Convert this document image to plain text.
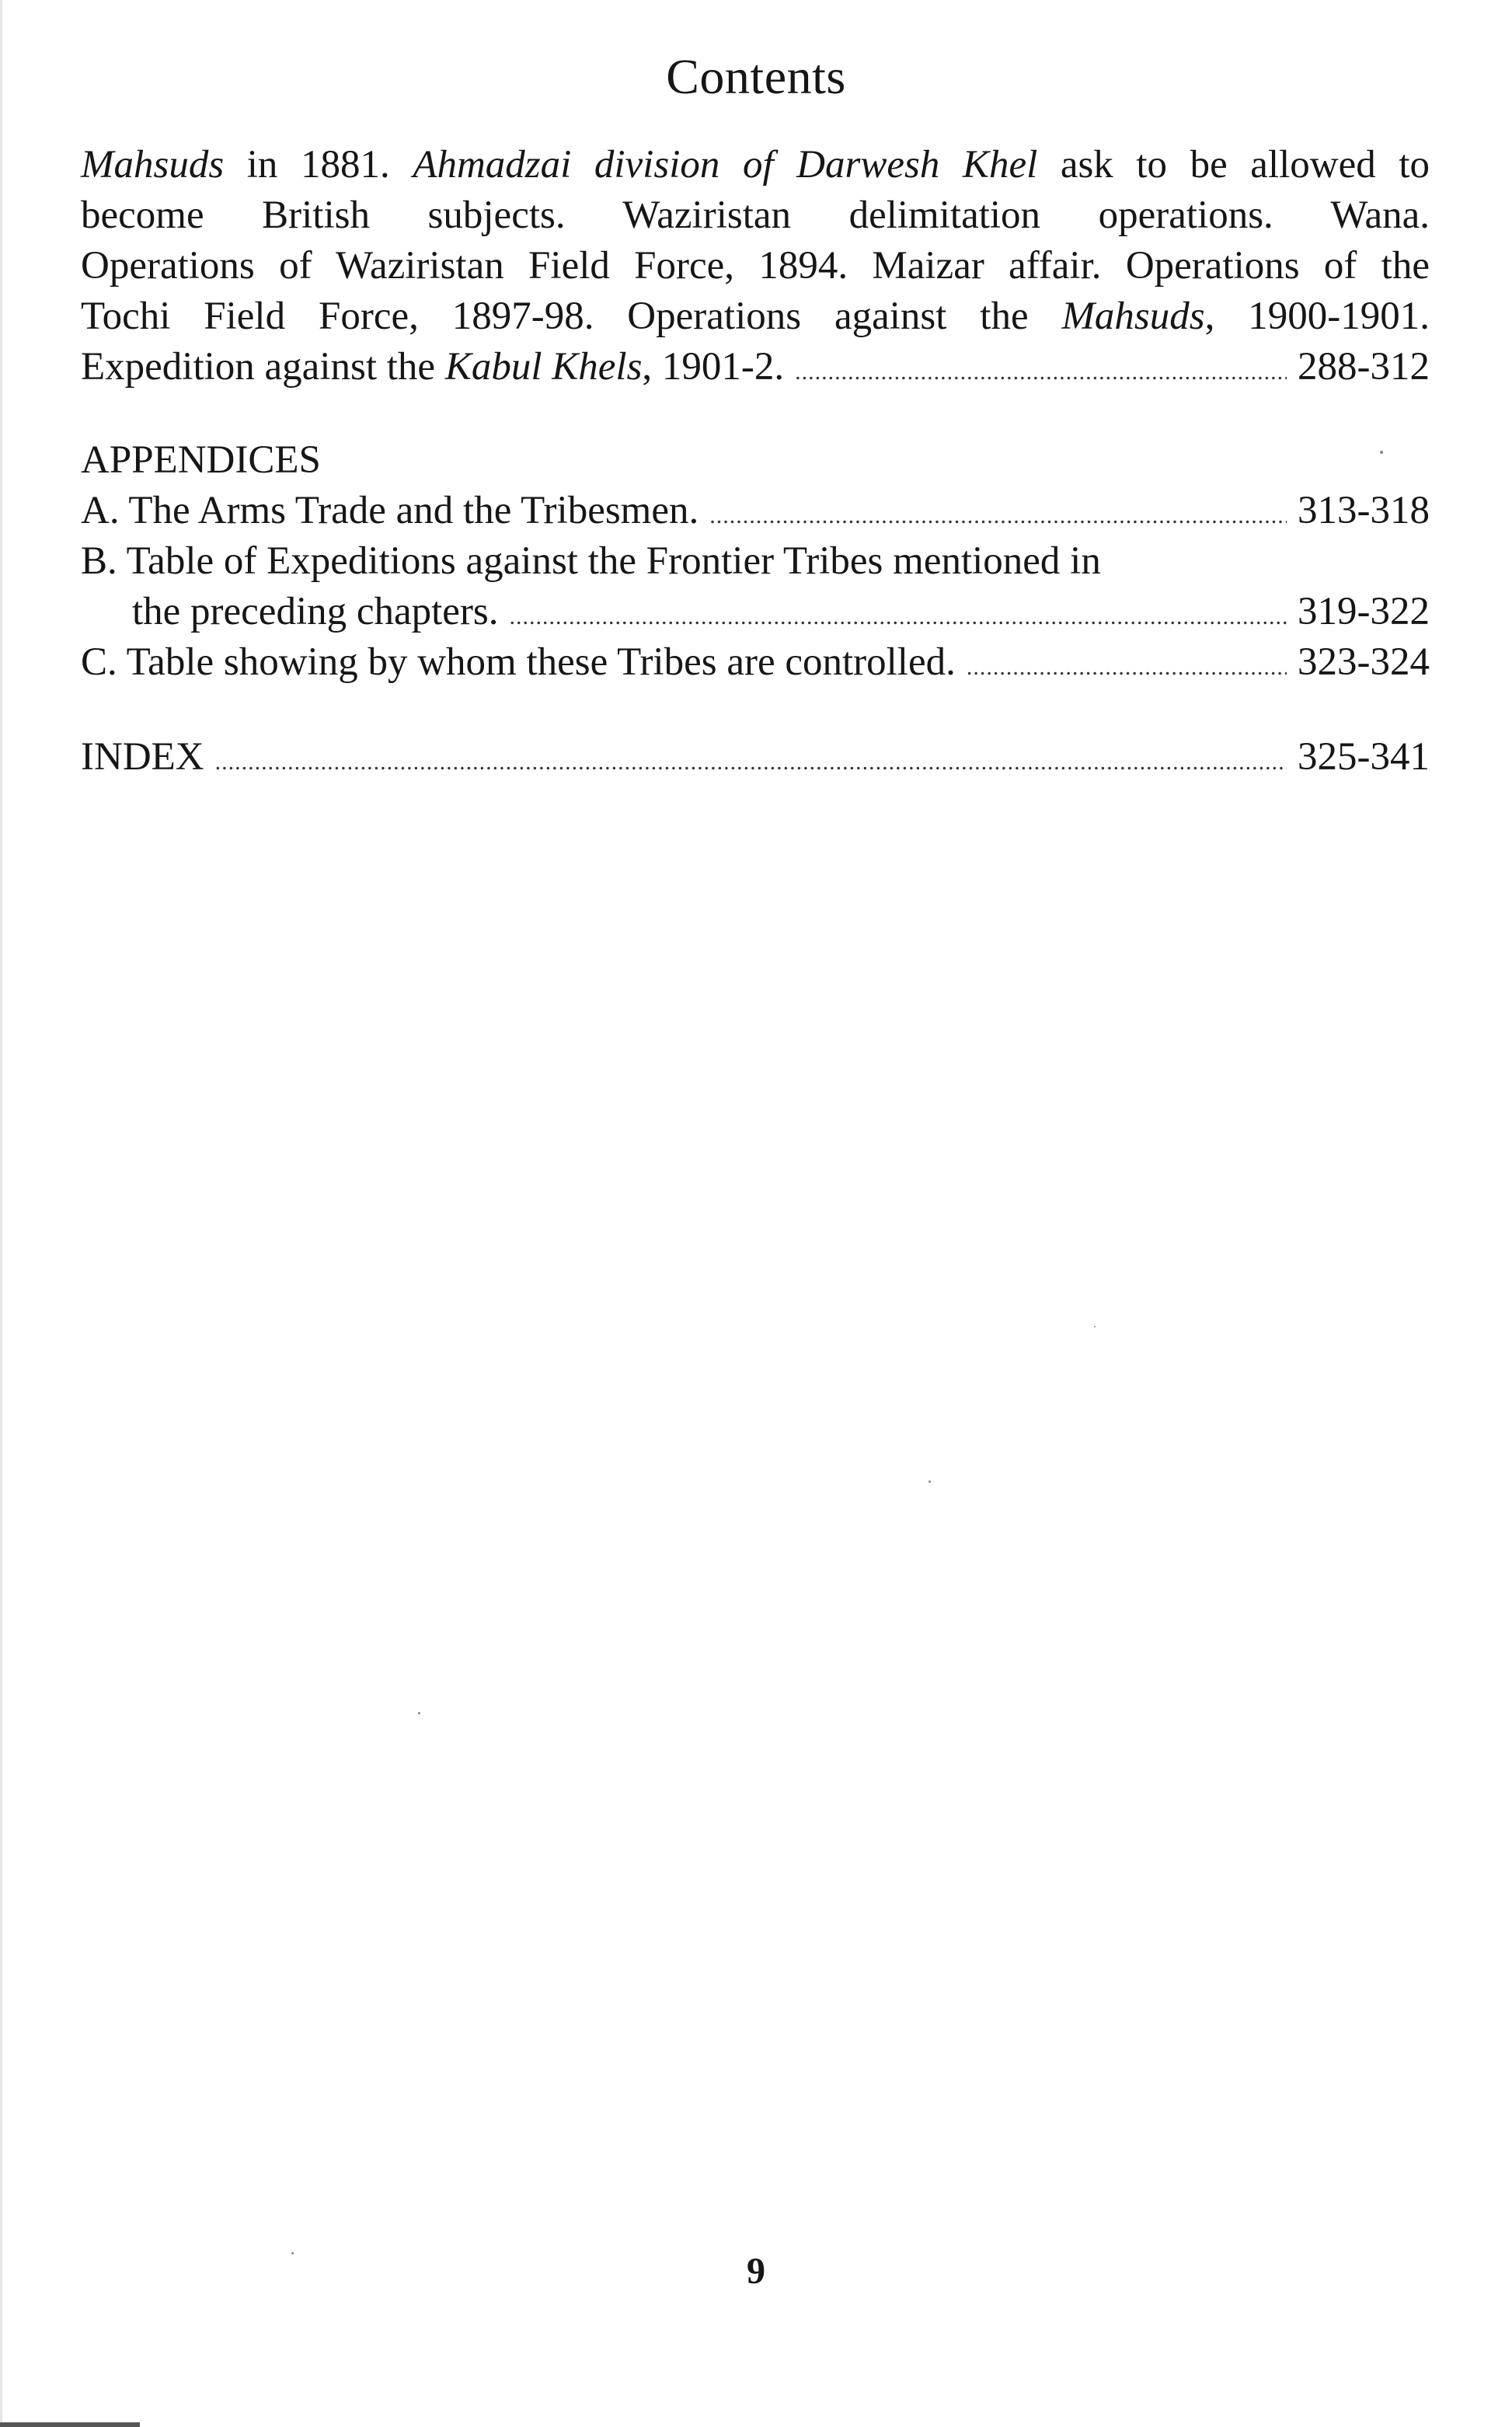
Contents
Mahsuds in 1881. Ahmadzai division of Darwesh Khel ask to be allowed to
become British subjects. Waziristan delimitation operations. Wana.
Operations of Waziristan Field Force, 1894. Maizar affair. Operations of the
Tochi Field Force, 1897-98. Operations against the Mahsuds, 1900-1901.
Expedition against the Kabul Khels, 1901-2. .....	288-312
APPENDICES
A. The Arms Trade and the Tribesmen. .....	313-318
B. Table of Expeditions against the Frontier Tribes mentioned in
the preceding chapters. .....	319-322
C. Table showing by whom these Tribes are controlled. .....	323-324
INDEX .....	325-341
9
